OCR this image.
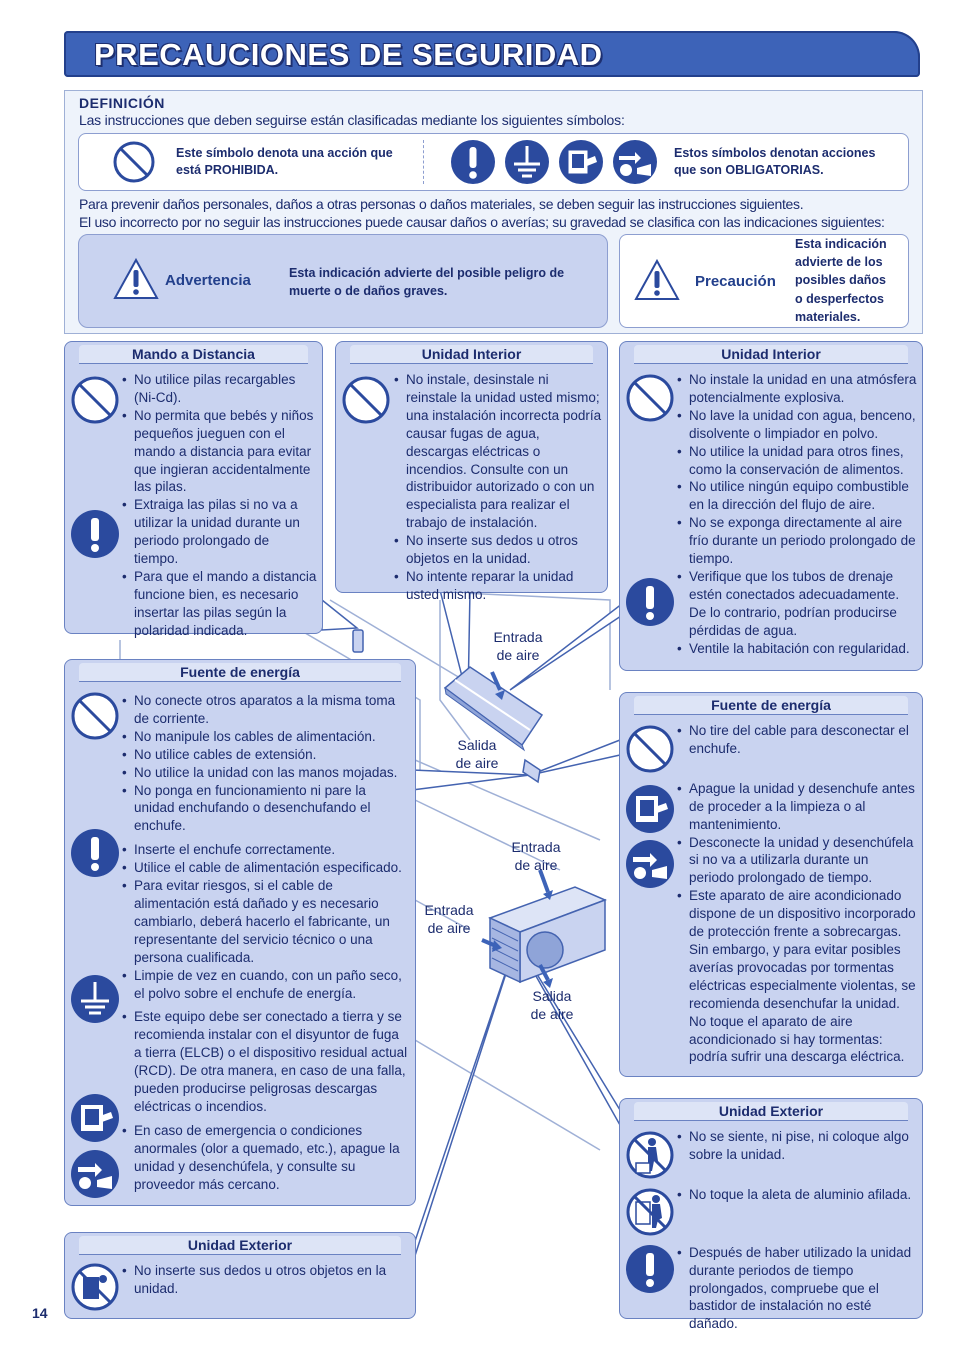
PRECAUCIONES DE SEGURIDAD
DEFINICIÓN
Las instrucciones que deben seguirse están clasificadas mediante los siguientes símbolos:
Este símbolo denota una acción que
está PROHIBIDA.
Estos símbolos denotan acciones
que son OBLIGATORIAS.
Para prevenir daños personales, daños a otras personas o daños materiales, se deben seguir las instrucciones siguientes.
El uso incorrecto por no seguir las instrucciones puede causar daños o averías; su gravedad se clasifica con las indicaciones siguientes:
Advertencia	Esta indicación advierte del posible peligro de
muerte o de daños graves.
Precaución
Esta indicación
advierte de los
posibles daños
o desperfectos
materiales.
Entrada
de aire
Salida
de aire
Entrada
de aire
Entrada
de aire
Salida
de aire
Mando a Distancia
• No utilice pilas recargables (Ni-Cd).
• No permita que bebés y niños pequeños jueguen con el mando a distancia para evitar que ingieran accidentalmente las pilas.
• Extraiga las pilas si no va a utilizar la unidad durante un periodo prolongado de tiempo.
• Para que el mando a distancia funcione bien, es necesario insertar las pilas según la polaridad indicada.
Unidad Interior
• No instale, desinstale ni reinstale la unidad usted mismo; una instalación incorrecta podría causar fugas de agua, descargas eléctricas o incendios. Consulte con un distribuidor autorizado o con un especialista para realizar el trabajo de instalación.
• No inserte sus dedos u otros objetos en la unidad.
• No intente reparar la unidad usted mismo.
Unidad Interior
• No instale la unidad en una atmósfera potencialmente explosiva.
• No lave la unidad con agua, benceno, disolvente o limpiador en polvo.
• No utilice la unidad para otros fines, como la conservación de alimentos.
• No utilice ningún equipo combustible en la dirección del flujo de aire.
• No se exponga directamente al aire frío durante un periodo prolongado de tiempo.
• Verifique que los tubos de drenaje estén conectados adecuadamente. De lo contrario, podrían producirse pérdidas de agua.
• Ventile la habitación con regularidad.
Fuente de energía
• No conecte otros aparatos a la misma toma de corriente.
• No manipule los cables de alimentación.
• No utilice cables de extensión.
• No utilice la unidad con las manos mojadas.
• No ponga en funcionamiento ni pare la unidad enchufando o desenchufando el enchufe.
• Inserte el enchufe correctamente.
• Utilice el cable de alimentación especificado.
• Para evitar riesgos, si el cable de alimentación está dañado y es necesario cambiarlo, deberá hacerlo el fabricante, un representante del servicio técnico o una persona cualificada.
• Limpie de vez en cuando, con un paño seco, el polvo sobre el enchufe de energía.
• Este equipo debe ser conectado a tierra y se recomienda instalar con el disyuntor de fuga a tierra (ELCB) o el dispositivo residual actual (RCD). De otra manera, en caso de una falla, pueden producirse peligrosas descargas eléctricas o incendios.
• En caso de emergencia o condiciones anormales (olor a quemado, etc.), apague la unidad y desenchúfela, y consulte su proveedor más cercano.
Fuente de energía
• No tire del cable para desconectar el enchufe.
• Apague la unidad y desenchufe antes de proceder a la limpieza o al mantenimiento.
• Desconecte la unidad y desenchúfela si no va a utilizarla durante un periodo prolongado de tiempo.
• Este aparato de aire acondicionado dispone de un dispositivo incorporado de protección frente a sobrecargas. Sin embargo, y para evitar posibles averías provocadas por tormentas eléctricas especialmente violentas, se recomienda desenchufar la unidad. No toque el aparato de aire acondicionado si hay tormentas: podría sufrir una descarga eléctrica.
Unidad Exterior
• No inserte sus dedos u otros objetos en la unidad.
Unidad Exterior
• No se siente, ni pise, ni coloque algo sobre la unidad.
• No toque la aleta de aluminio afilada.
• Después de haber utilizado la unidad durante periodos de tiempo prolongados, compruebe que el bastidor de instalación no esté dañado.
14
